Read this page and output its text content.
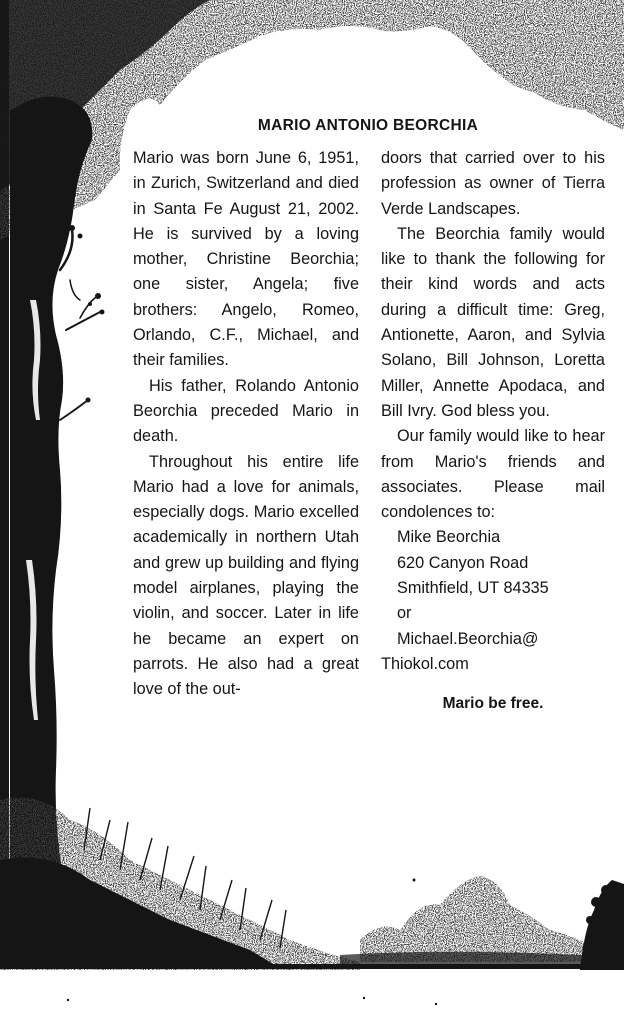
MARIO ANTONIO BEORCHIA

Mario was born June 6, 1951, in Zurich, Switzerland and died in Santa Fe August 21, 2002. He is survived by a loving mother, Christine Beorchia; one sister, Angela; five brothers: Angelo, Romeo, Orlando, C.F., Michael, and their families.

His father, Rolando Antonio Beorchia preceded Mario in death.

Throughout his entire life Mario had a love for animals, especially dogs. Mario excelled academically in northern Utah and grew up building and flying model airplanes, playing the violin, and soccer. Later in life he became an expert on parrots. He also had a great love of the out-

doors that carried over to his profession as owner of Tierra Verde Landscapes.

The Beorchia family would like to thank the following for their kind words and acts during a difficult time: Greg, Antionette, Aaron, and Sylvia Solano, Bill Johnson, Loretta Miller, Annette Apodaca, and Bill Ivry. God bless you.

Our family would like to hear from Mario's friends and associates. Please mail condolences to:

Mike Beorchia
620 Canyon Road
Smithfield, UT 84335
or
Michael.Beorchia@
Thiokol.com
Mario be free.
